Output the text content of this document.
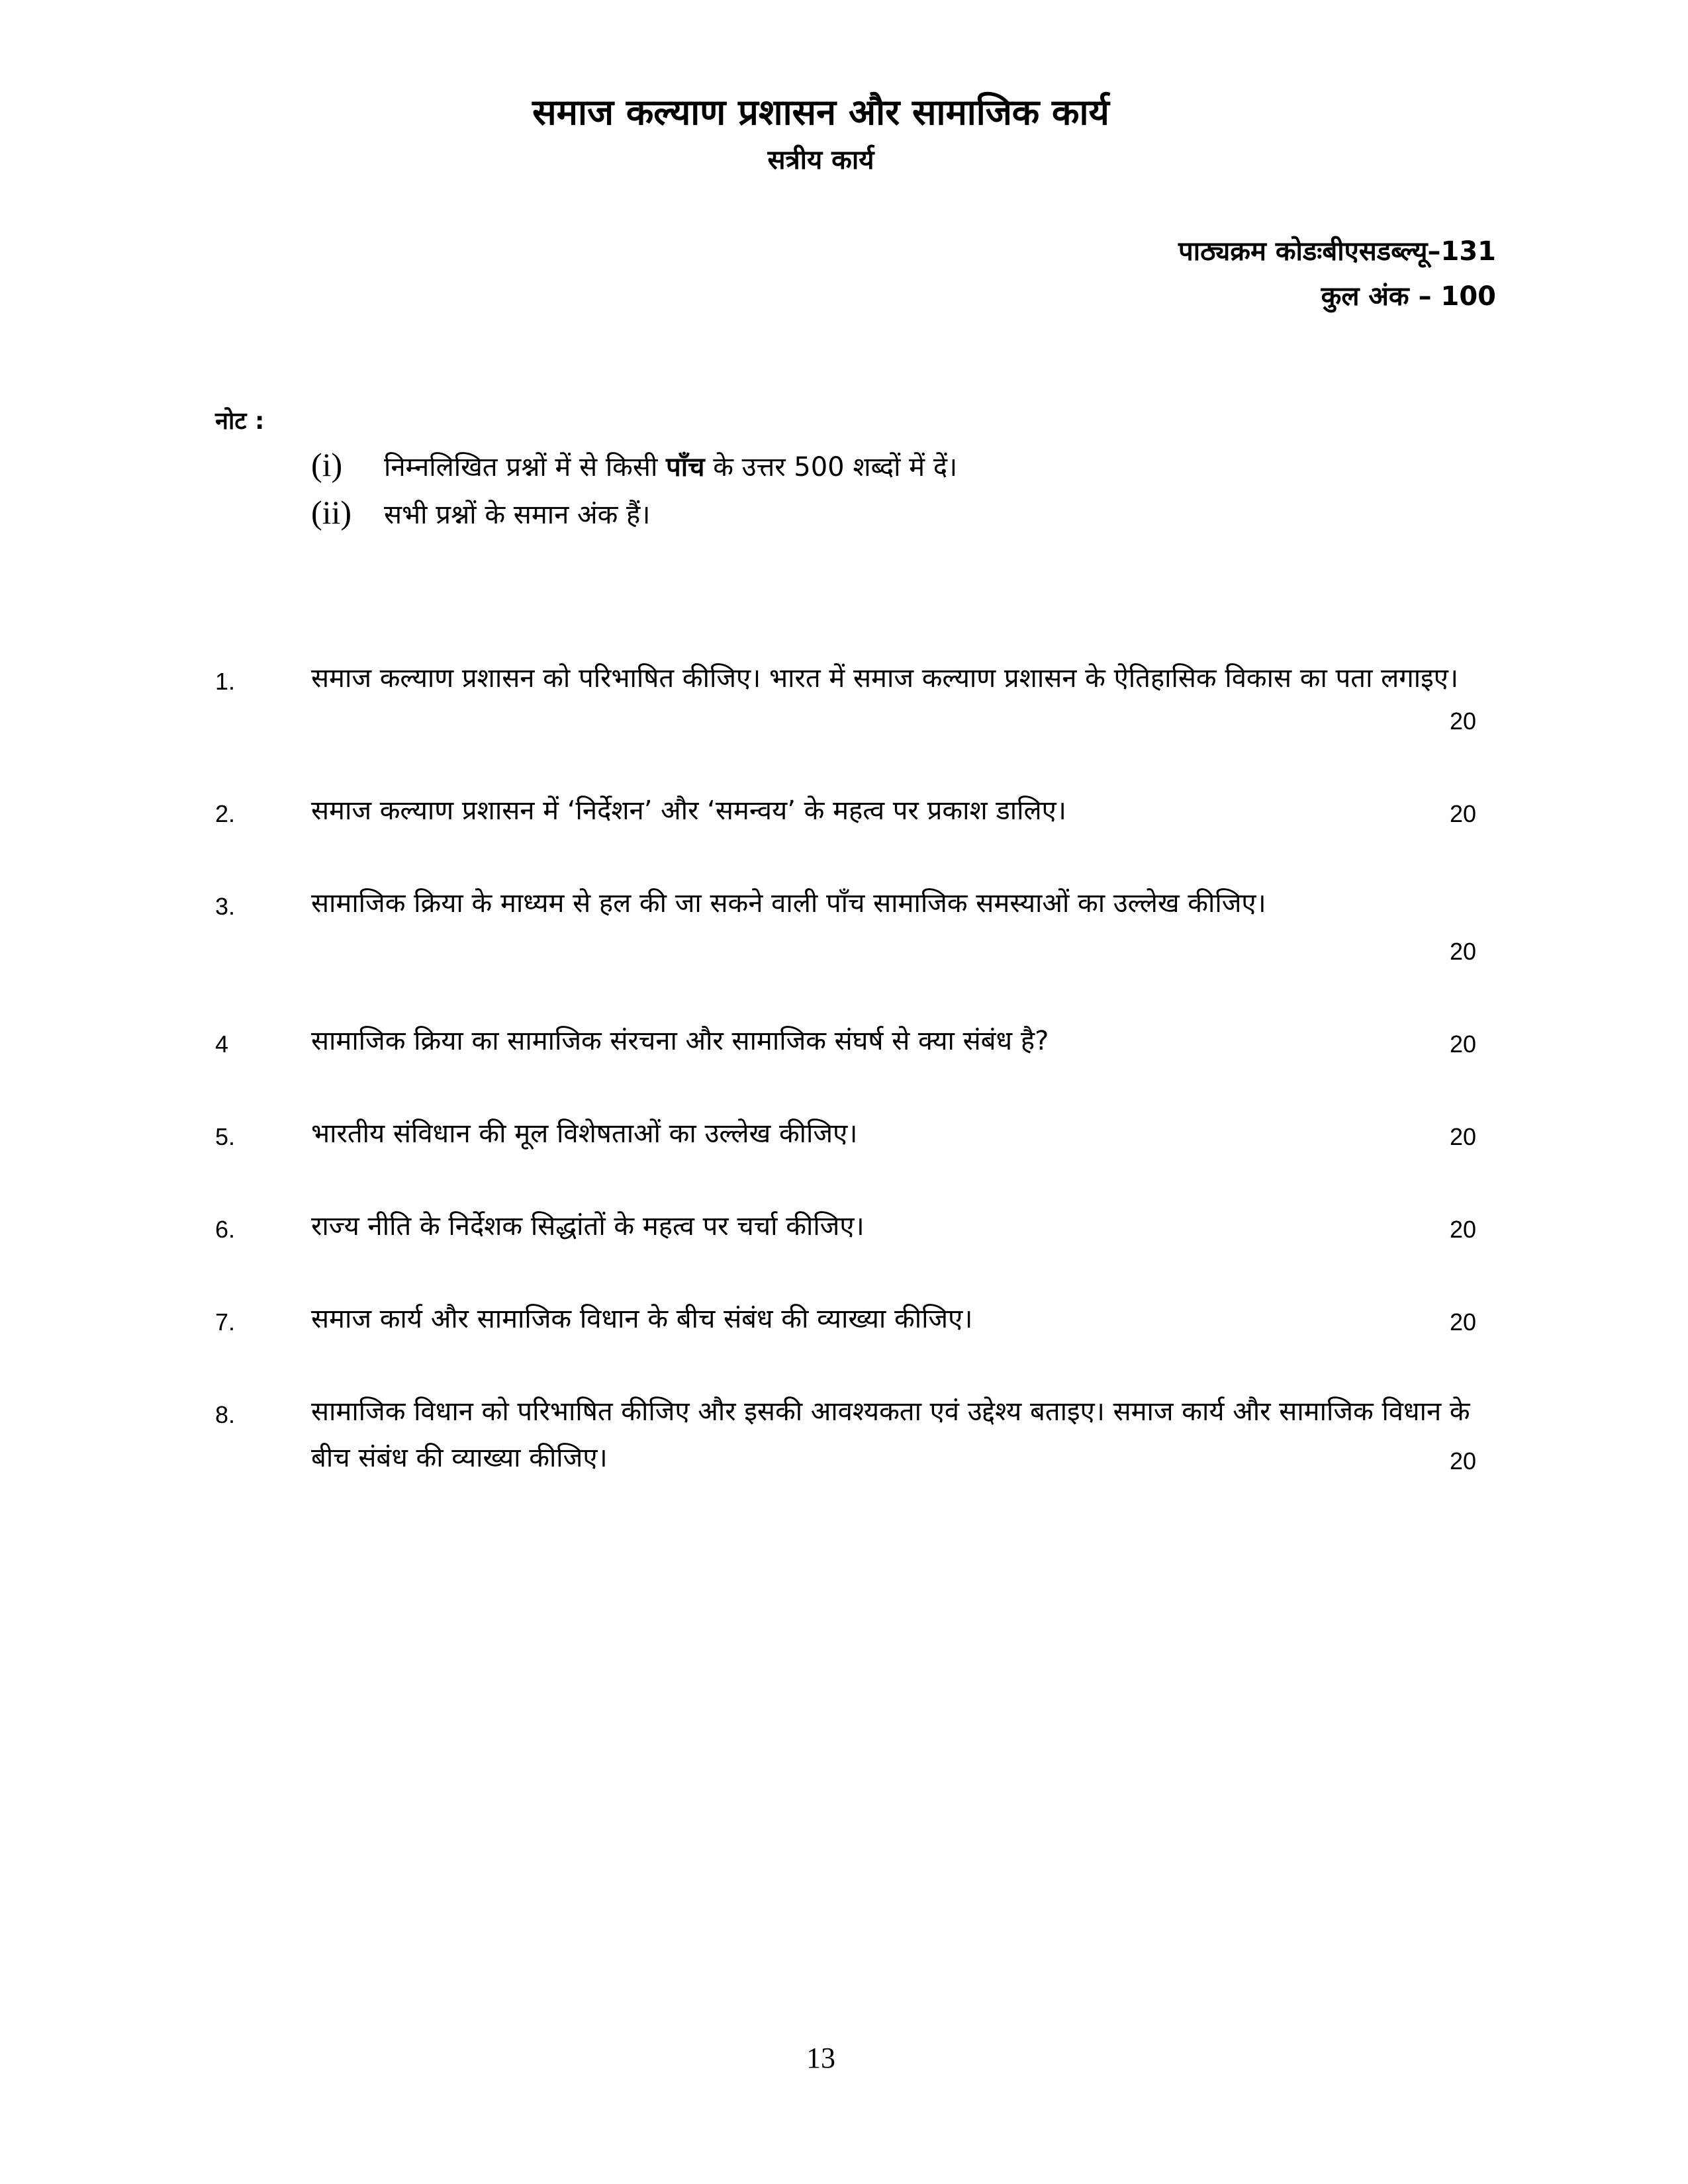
समाज कल्याण प्रशासन और सामाजिक कार्य
सत्रीय कार्य
पाठ्यक्रम कोडःबीएसडब्ल्यू–131
कुल अंक – 100
नोट :
(i) निम्नलिखित प्रश्नों में से किसी पाँच के उत्तर 500 शब्दों में दें।
(ii) सभी प्रश्नों के समान अंक हैं।
1.	समाज कल्याण प्रशासन को परिभाषित कीजिए। भारत में समाज कल्याण प्रशासन के ऐतिहासिक विकास का पता लगाइए।
20
2.	समाज कल्याण प्रशासन में ‘निर्देशन’ और ‘समन्वय’ के महत्व पर प्रकाश डालिए।	20
3.	सामाजिक क्रिया के माध्यम से हल की जा सकने वाली पाँच सामाजिक समस्याओं का उल्लेख कीजिए।
20
4	सामाजिक क्रिया का सामाजिक संरचना और सामाजिक संघर्ष से क्या संबंध है?	20
5.	भारतीय संविधान की मूल विशेषताओं का उल्लेख कीजिए।	20
6.	राज्य नीति के निर्देशक सिद्धांतों के महत्व पर चर्चा कीजिए।	20
7.	समाज कार्य और सामाजिक विधान के बीच संबंध की व्याख्या कीजिए।	20
8.	सामाजिक विधान को परिभाषित कीजिए और इसकी आवश्यकता एवं उद्देश्य बताइए। समाज कार्य और सामाजिक विधान के बीच संबंध की व्याख्या कीजिए।	20
13
